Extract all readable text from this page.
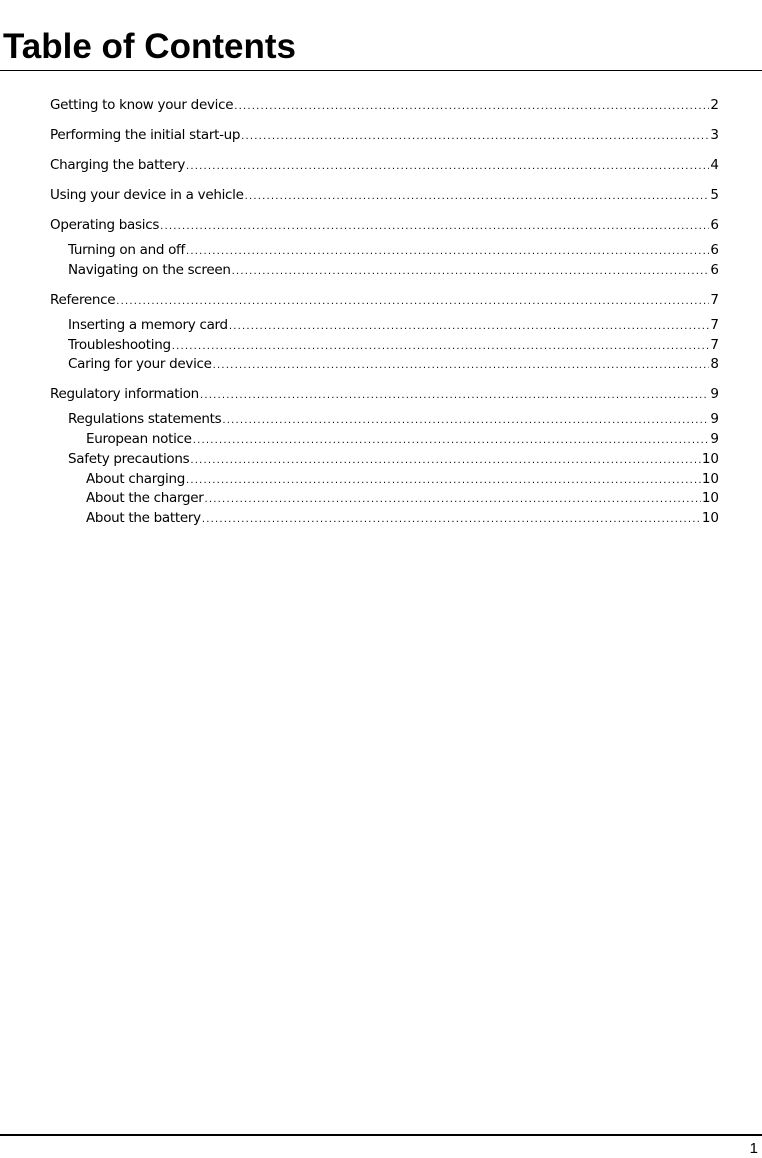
Table of Contents
Getting to know your device .....	2
Performing the initial start-up .....	3
Charging the battery .....	4
Using your device in a vehicle .....	5
Operating basics .....	6
Turning on and off .....	6
Navigating on the screen .....	6
Reference .....	7
Inserting a memory card .....	7
Troubleshooting .....	7
Caring for your device .....	8
Regulatory information .....	9
Regulations statements .....	9
European notice .....	9
Safety precautions .....	10
About charging .....	10
About the charger .....	10
About the battery .....	10
1
